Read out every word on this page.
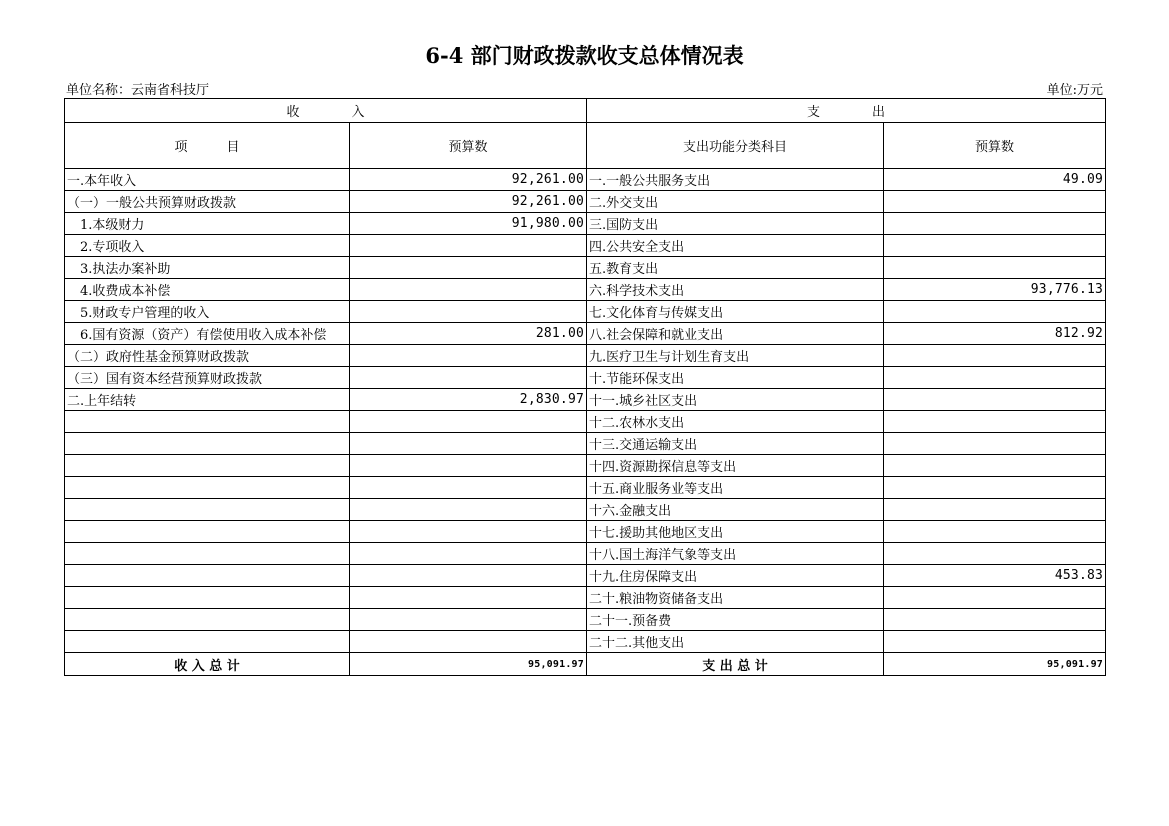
6-4 部门财政拨款收支总体情况表
单位名称：云南省科技厅	单位:万元
收　　　　入		支　　　　出	
项　　　目	预算数	支出功能分类科目	预算数
一.本年收入	92,261.00	一.一般公共服务支出	49.09
（一）一般公共预算财政拨款	92,261.00	二.外交支出	
　1.本级财力	91,980.00	三.国防支出	
　2.专项收入		四.公共安全支出	
　3.执法办案补助		五.教育支出	
　4.收费成本补偿		六.科学技术支出	93,776.13
　5.财政专户管理的收入		七.文化体育与传媒支出	
　6.国有资源（资产）有偿使用收入成本补偿	281.00	八.社会保障和就业支出	812.92
（二）政府性基金预算财政拨款		九.医疗卫生与计划生育支出	
（三）国有资本经营预算财政拨款		十.节能环保支出	
二.上年结转	2,830.97	十一.城乡社区支出	
		十二.农林水支出	
		十三.交通运输支出	
		十四.资源勘探信息等支出	
		十五.商业服务业等支出	
		十六.金融支出	
		十七.援助其他地区支出	
		十八.国土海洋气象等支出	
		十九.住房保障支出	453.83
		二十.粮油物资储备支出	
		二十一.预备费	
		二十二.其他支出	
收 入 总 计	95,091.97	支 出 总 计	95,091.97
